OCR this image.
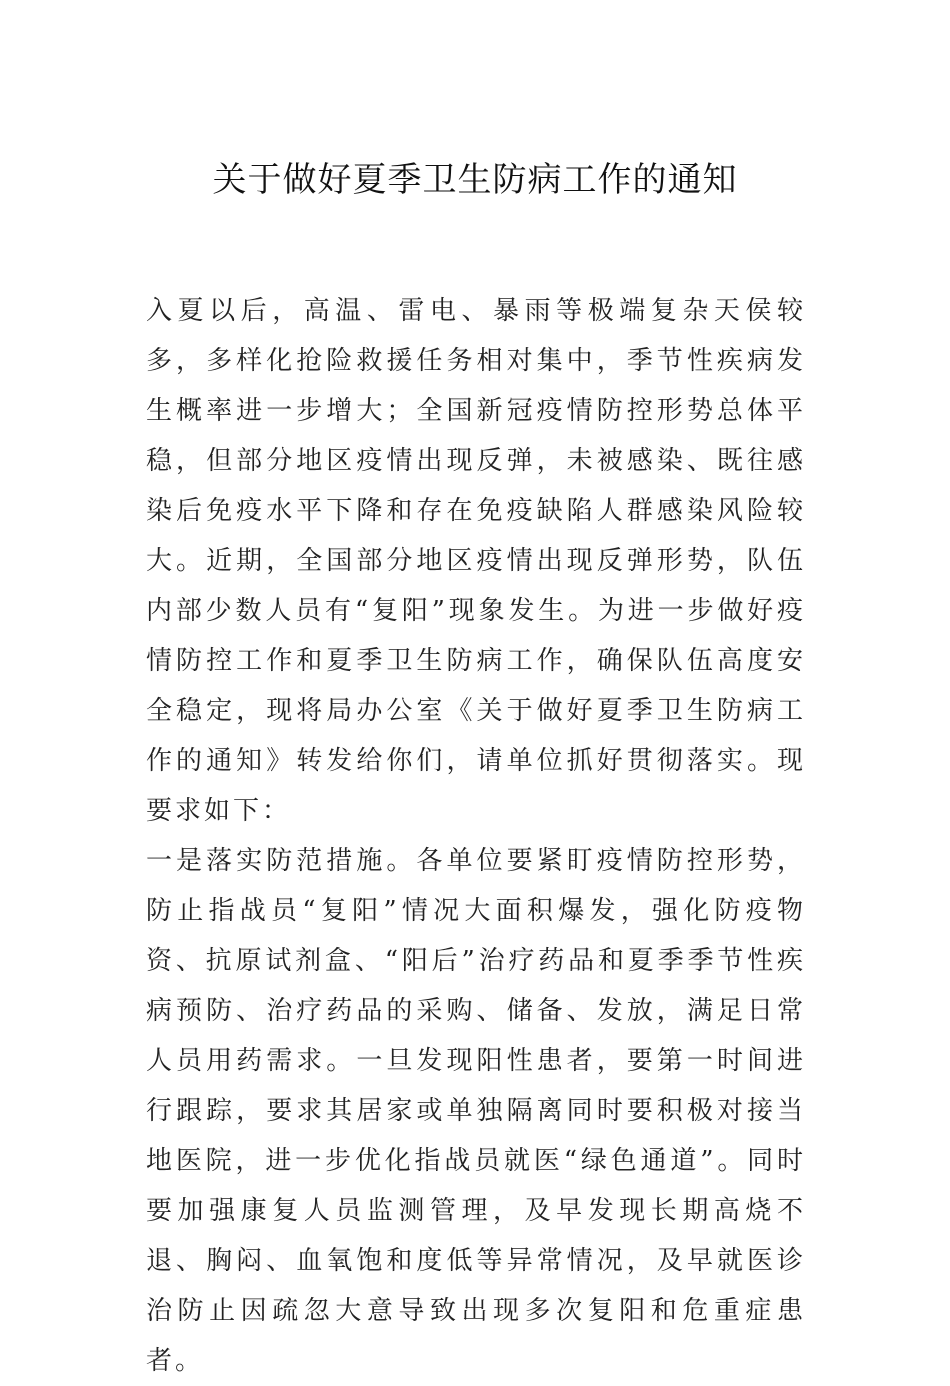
关于做好夏季卫生防病工作的通知

入夏以后，高温、雷电、暴雨等极端复杂天侯较多，多样化抢险救援任务相对集中，季节性疾病发生概率进一步增大；全国新冠疫情防控形势总体平稳，但部分地区疫情出现反弹，未被感染、既往感染后免疫水平下降和存在免疫缺陷人群感染风险较大。近期，全国部分地区疫情出现反弹形势，队伍内部少数人员有“复阳”现象发生。为进一步做好疫情防控工作和夏季卫生防病工作，确保队伍高度安全稳定，现将局办公室《关于做好夏季卫生防病工作的通知》转发给你们，请单位抓好贯彻落实。现要求如下：

一是落实防范措施。各单位要紧盯疫情防控形势，防止指战员“复阳”情况大面积爆发，强化防疫物资、抗原试剂盒、“阳后”治疗药品和夏季季节性疾病预防、治疗药品的采购、储备、发放，满足日常人员用药需求。一旦发现阳性患者，要第一时间进行跟踪，要求其居家或单独隔离同时要积极对接当地医院，进一步优化指战员就医“绿色通道”。同时要加强康复人员监测管理，及早发现长期高烧不退、胸闷、血氧饱和度低等异常情况，及早就医诊治防止因疏忽大意导致出现多次复阳和危重症患者。
